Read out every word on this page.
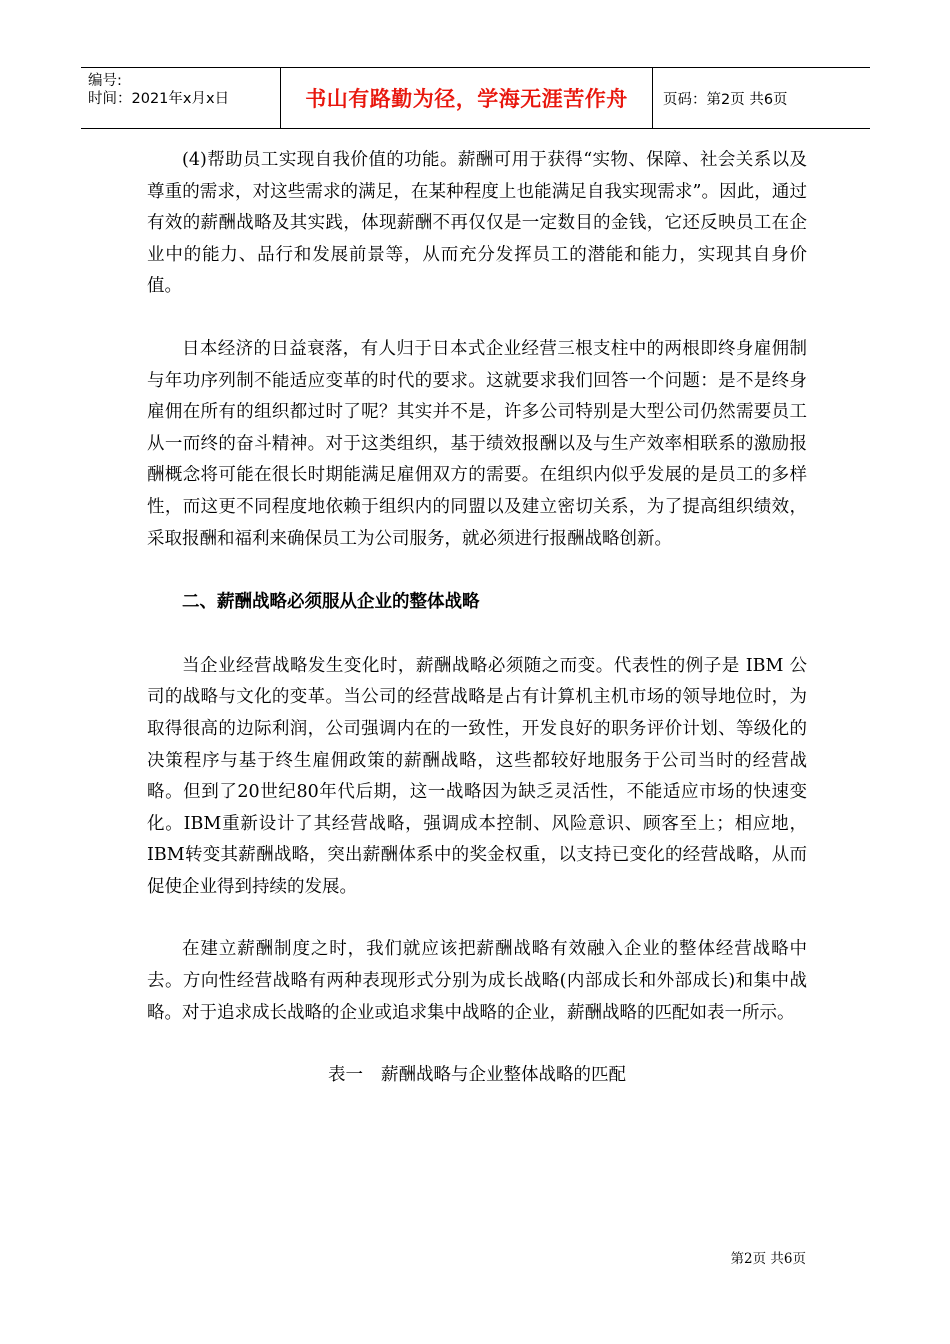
编号:
时间：2021年x月x日	书山有路勤为径，学海无涯苦作舟	页码：第2页 共6页

(4)帮助员工实现自我价值的功能。薪酬可用于获得“实物、保障、社会关系以及尊重的需求，对这些需求的满足，在某种程度上也能满足自我实现需求”。因此，通过有效的薪酬战略及其实践，体现薪酬不再仅仅是一定数目的金钱，它还反映员工在企业中的能力、品行和发展前景等，从而充分发挥员工的潜能和能力，实现其自身价值。

日本经济的日益衰落，有人归于日本式企业经营三根支柱中的两根即终身雇佣制与年功序列制不能适应变革的时代的要求。这就要求我们回答一个问题：是不是终身雇佣在所有的组织都过时了呢？其实并不是，许多公司特别是大型公司仍然需要员工从一而终的奋斗精神。对于这类组织，基于绩效报酬以及与生产效率相联系的激励报酬概念将可能在很长时期能满足雇佣双方的需要。在组织内似乎发展的是员工的多样性，而这更不同程度地依赖于组织内的同盟以及建立密切关系，为了提高组织绩效，采取报酬和福利来确保员工为公司服务，就必须进行报酬战略创新。

二、薪酬战略必须服从企业的整体战略

当企业经营战略发生变化时，薪酬战略必须随之而变。代表性的例子是 IBM 公司的战略与文化的变革。当公司的经营战略是占有计算机主机市场的领导地位时，为取得很高的边际利润，公司强调内在的一致性，开发良好的职务评价计划、等级化的决策程序与基于终生雇佣政策的薪酬战略，这些都较好地服务于公司当时的经营战略。但到了20世纪80年代后期，这一战略因为缺乏灵活性，不能适应市场的快速变化。IBM重新设计了其经营战略，强调成本控制、风险意识、顾客至上；相应地，IBM转变其薪酬战略，突出薪酬体系中的奖金权重，以支持已变化的经营战略，从而促使企业得到持续的发展。

在建立薪酬制度之时，我们就应该把薪酬战略有效融入企业的整体经营战略中去。方向性经营战略有两种表现形式分别为成长战略(内部成长和外部成长)和集中战略。对于追求成长战略的企业或追求集中战略的企业，薪酬战略的匹配如表一所示。

表一 薪酬战略与企业整体战略的匹配

第2页 共6页
